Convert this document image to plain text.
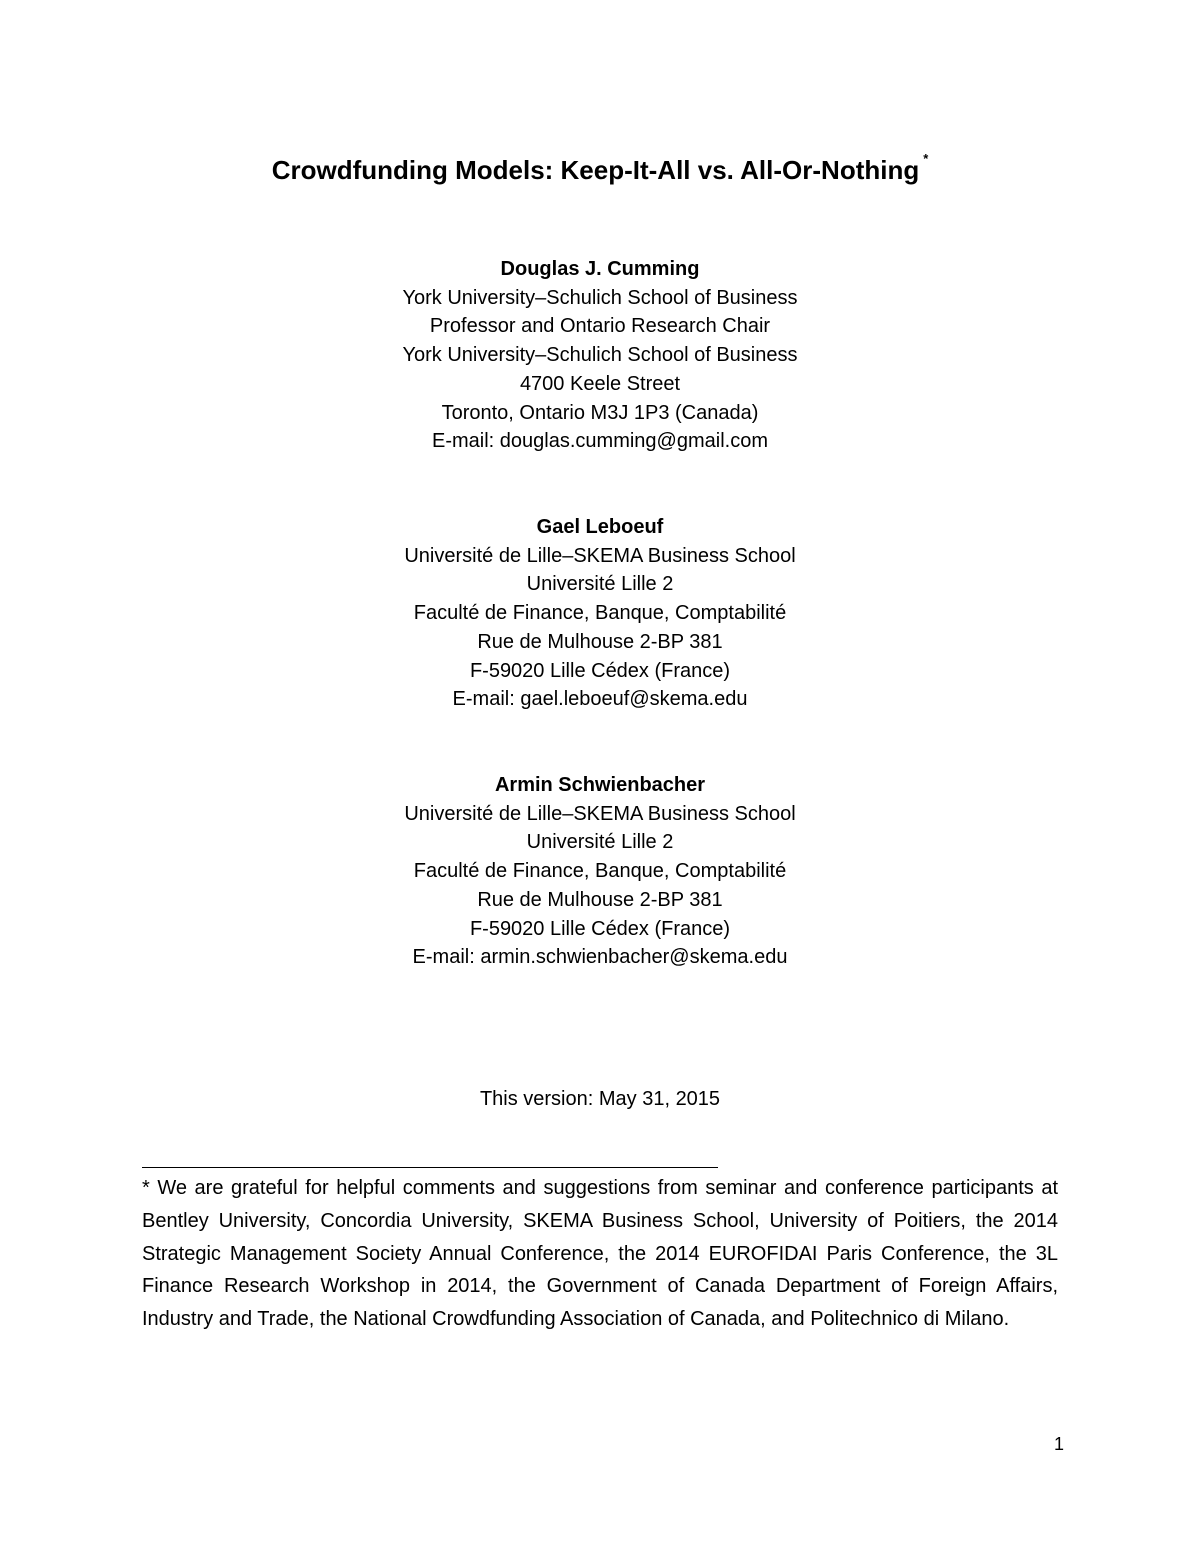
Crowdfunding Models: Keep-It-All vs. All-Or-Nothing *
Douglas J. Cumming
York University–Schulich School of Business
Professor and Ontario Research Chair
York University–Schulich School of Business
4700 Keele Street
Toronto, Ontario M3J 1P3 (Canada)
E-mail: douglas.cumming@gmail.com
Gael Leboeuf
Université de Lille–SKEMA Business School
Université Lille 2
Faculté de Finance, Banque, Comptabilité
Rue de Mulhouse 2-BP 381
F-59020 Lille Cédex (France)
E-mail: gael.leboeuf@skema.edu
Armin Schwienbacher
Université de Lille–SKEMA Business School
Université Lille 2
Faculté de Finance, Banque, Comptabilité
Rue de Mulhouse 2-BP 381
F-59020 Lille Cédex (France)
E-mail: armin.schwienbacher@skema.edu
This version: May 31, 2015
* We are grateful for helpful comments and suggestions from seminar and conference participants at Bentley University, Concordia University, SKEMA Business School, University of Poitiers, the 2014 Strategic Management Society Annual Conference, the 2014 EUROFIDAI Paris Conference, the 3L Finance Research Workshop in 2014, the Government of Canada Department of Foreign Affairs, Industry and Trade, the National Crowdfunding Association of Canada, and Politechnico di Milano.
1
